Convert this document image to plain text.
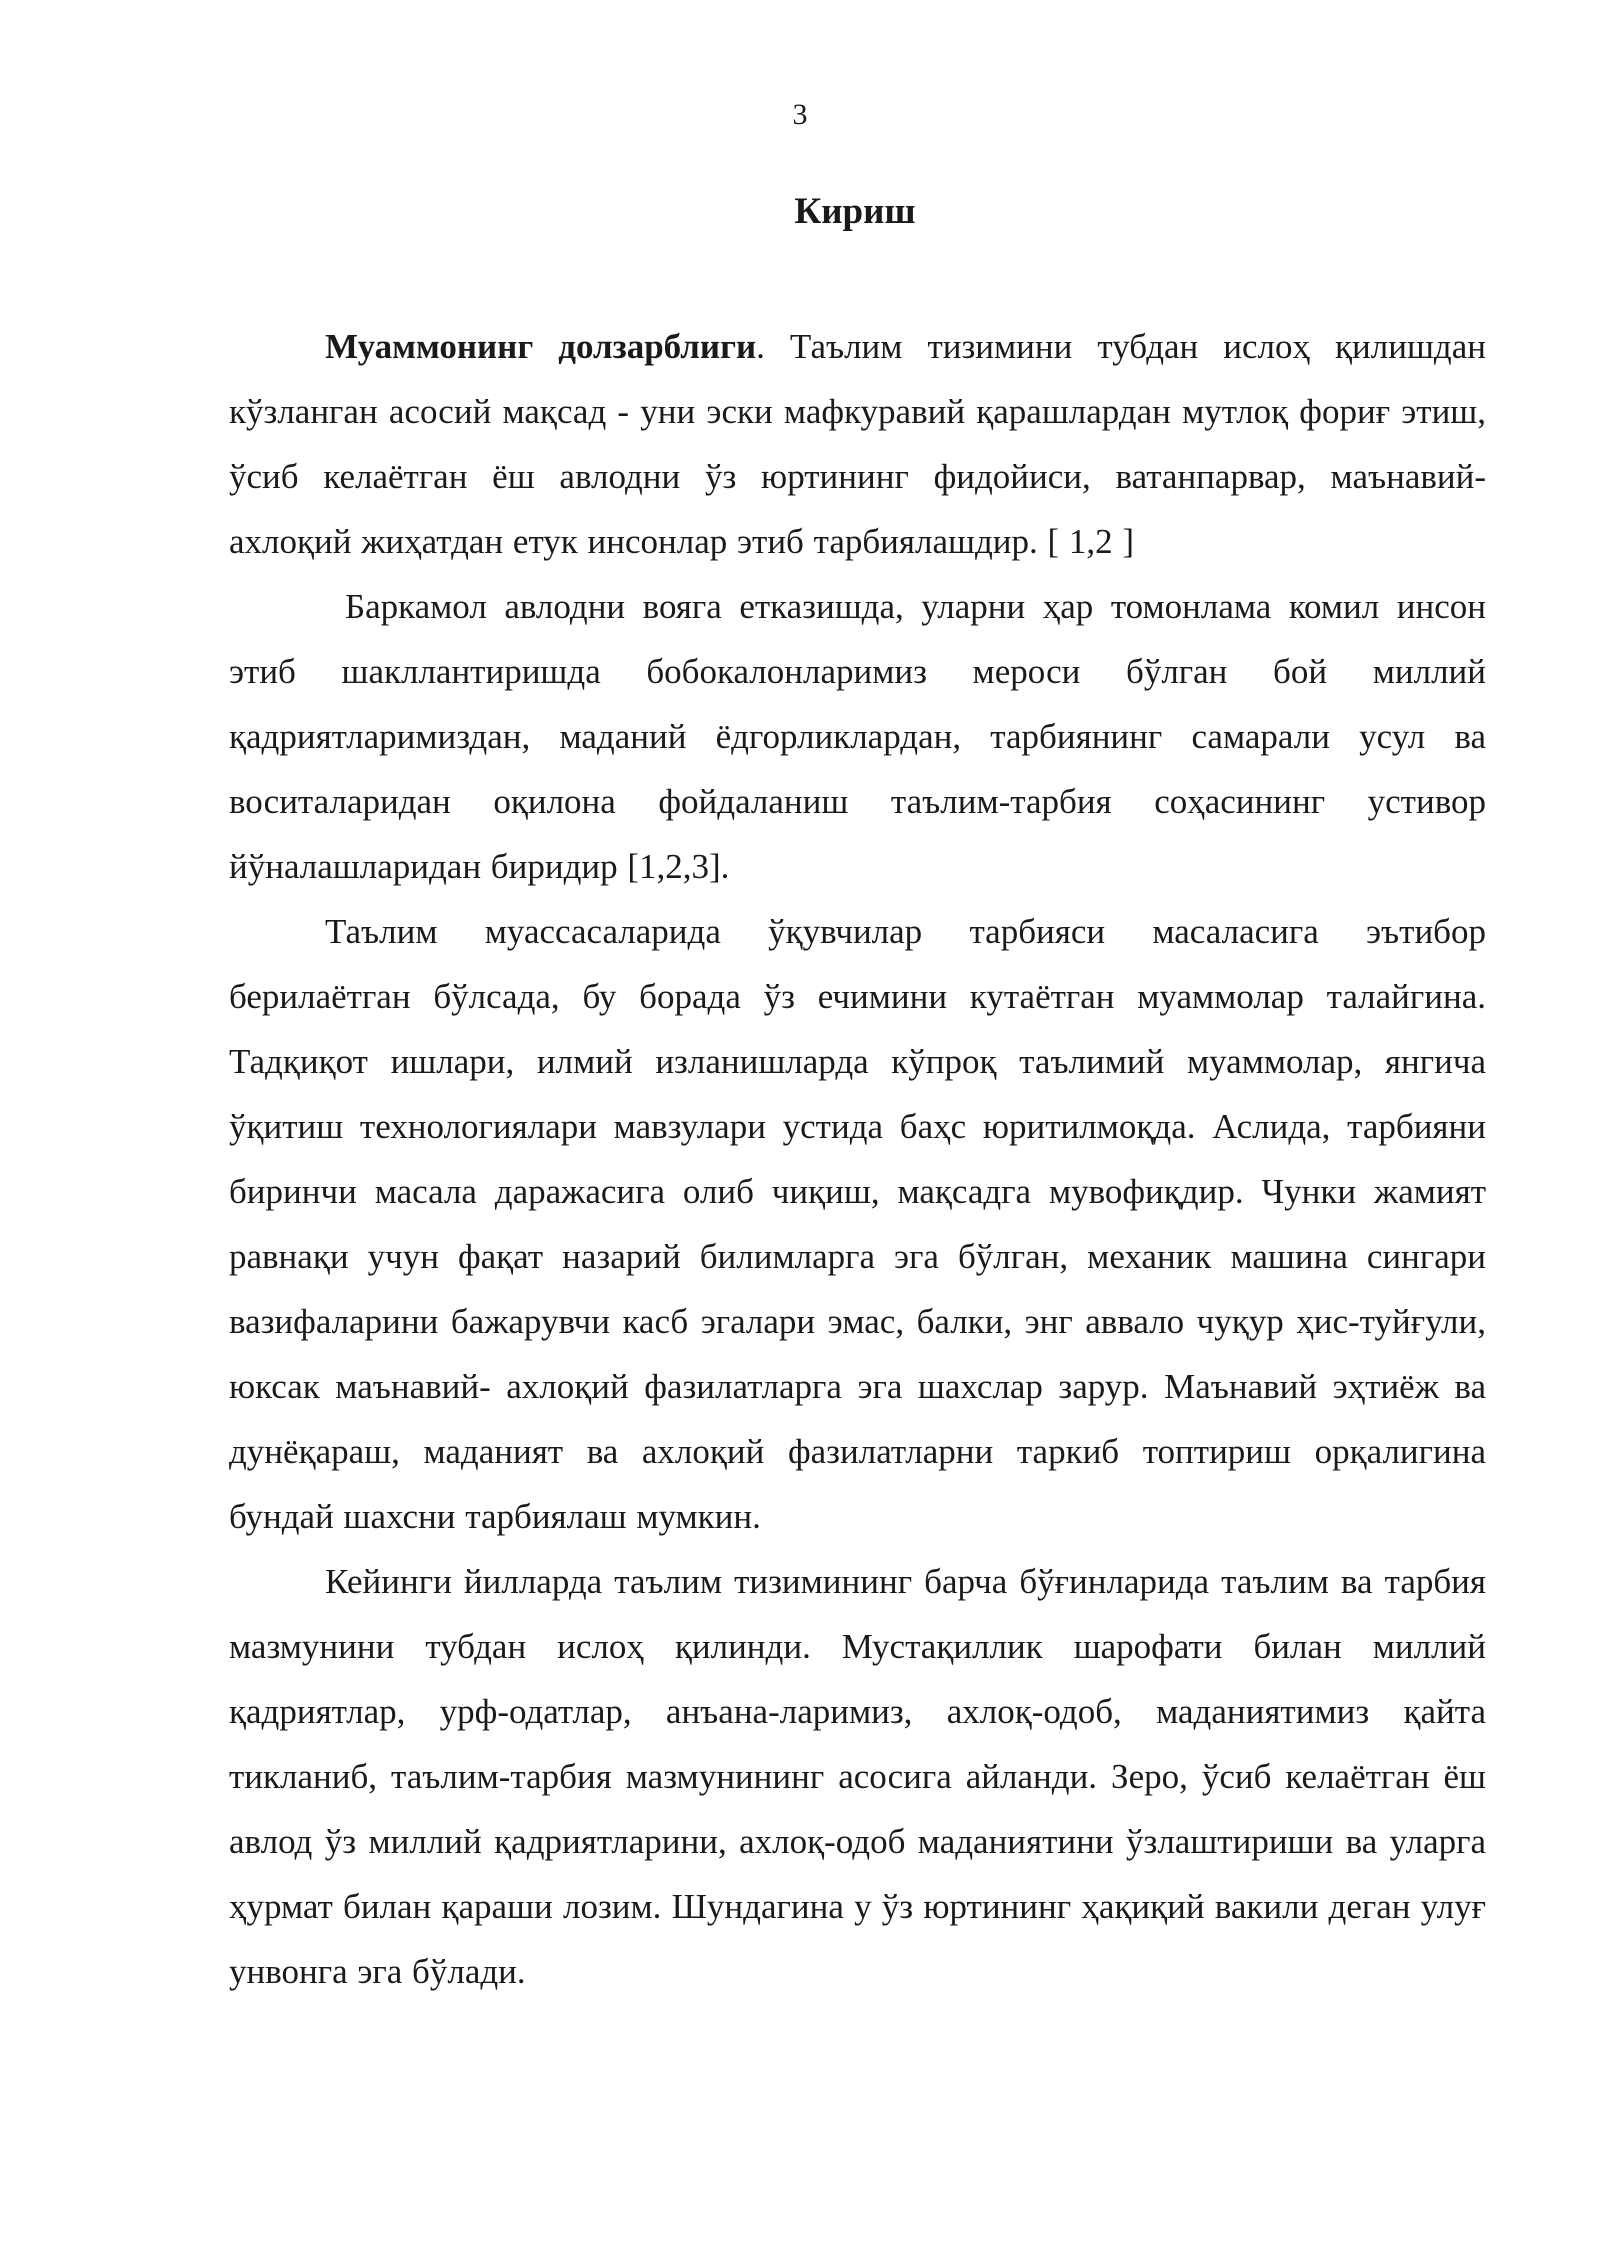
3
Кириш

Муаммонинг долзарблиги. Таълим тизимини тубдан ислоҳ қилишдан кўзланган асосий мақсад - уни эски мафкуравий қарашлардан мутлоқ фориғ этиш, ўсиб келаётган ёш авлодни ўз юртининг фидойиси, ватанпарвар, маънавий-ахлоқий жиҳатдан етук инсонлар этиб тарбиялашдир. [ 1,2 ]

Баркамол авлодни вояга етказишда, уларни ҳар томонлама комил инсон этиб шакллантиришда бобокалонларимиз мероси бўлган бой миллий қадриятларимиздан, маданий ёдгорликлардан, тарбиянинг самарали усул ва воситаларидан оқилона фойдаланиш таълим-тарбия соҳасининг устивор йўналашларидан биридир [1,2,3].

Таълим муассасаларида ўқувчилар тарбияси масаласига эътибор берилаётган бўлсада, бу борада ўз ечимини кутаётган муаммолар талайгина. Тадқиқот ишлари, илмий изланишларда кўпроқ таълимий муаммолар, янгича ўқитиш технологиялари мавзулари устида баҳс юритилмоқда. Аслида, тарбияни биринчи масала даражасига олиб чиқиш, мақсадга мувофиқдир. Чунки жамият равнақи учун фақат назарий билимларга эга бўлган, механик машина сингари вазифаларини бажарувчи касб эгалари эмас, балки, энг аввало чуқур ҳис-туйғули, юксак маънавий- ахлоқий фазилатларга эга шахслар зарур. Маънавий эҳтиёж ва дунёқараш, маданият ва ахлоқий фазилатларни таркиб топтириш орқалигина бундай шахсни тарбиялаш мумкин.

Кейинги йилларда таълим тизимининг барча бўғинларида таълим ва тарбия мазмунини тубдан ислоҳ қилинди. Мустақиллик шарофати билан миллий қадриятлар, урф-одатлар, анъана-ларимиз, ахлоқ-одоб, маданиятимиз қайта тикланиб, таълим-тарбия мазмунининг асосига айланди. Зеро, ўсиб келаётган ёш авлод ўз миллий қадриятларини, ахлоқ-одоб маданиятини ўзлаштириши ва уларга ҳурмат билан қараши лозим. Шундагина у ўз юртининг ҳақиқий вакили деган улуғ унвонга эга бўлади.
